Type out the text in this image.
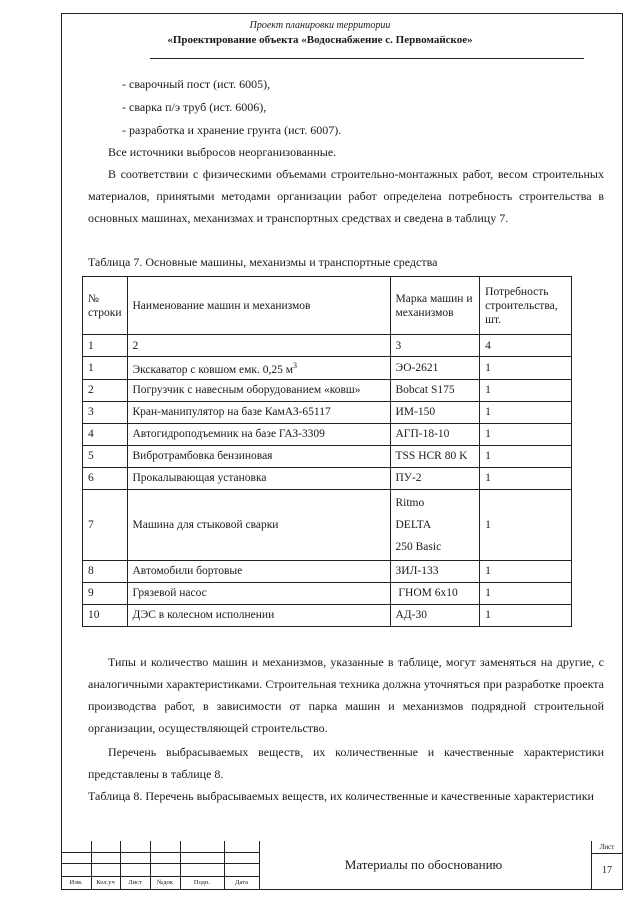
Проект планировки территории
«Проектирование объекта «Водоснабжение с. Первомайское»
- сварочный пост (ист. 6005),
- сварка п/э труб (ист. 6006),
- разработка и хранение грунта (ист. 6007).
Все источники выбросов неорганизованные.
В соответствии с физическими объемами строительно-монтажных работ, весом строительных материалов, принятыми методами организации работ определена потребность строительства в основных машинах, механизмах и транспортных средствах и сведена в таблицу 7.
Таблица 7. Основные машины, механизмы и транспортные средства
№ строки	Наименование машин и механизмов	Марка машин и механизмов	Потребность строительства, шт.
1	2	3	4
1	Экскаватор с ковшом емк. 0,25 $м^3$	ЭО-2621	1
2	Погрузчик с навесным оборудованием «ковш»	Bobcat S175	1
3	Кран-манипулятор на базе КамАЗ-65117	ИМ-150	1
4	Автогидроподъемник на базе ГАЗ-3309	АГП-18-10	1
5	Вибротрамбовка бензиновая	TSS HCR 80 K	1
6	Прокалывающая установка	ПУ-2	1
7	Машина для стыковой сварки	Ritmo
DELTA
250 Basic	1
8	Автомобили бортовые	ЗИЛ-133	1
9	Грязевой насос	ГНОМ 6х10	1
10	ДЭС в колесном исполнении	АД-30	1
Типы и количество машин и механизмов, указанные в таблице, могут заменяться на другие, с аналогичными характеристиками. Строительная техника должна уточняться при разработке проекта производства работ, в зависимости от парка машин и механизмов подрядной строительной организации, осуществляющей строительство.
Перечень выбрасываемых веществ, их количественные и качественные характеристики представлены в таблице 8.
Таблица 8. Перечень выбрасываемых веществ, их количественные и качественные характеристики
Изм.	Кол.уч	Лист	№док	Подп.	Дата
Материалы по обоснованию
Лист
17
